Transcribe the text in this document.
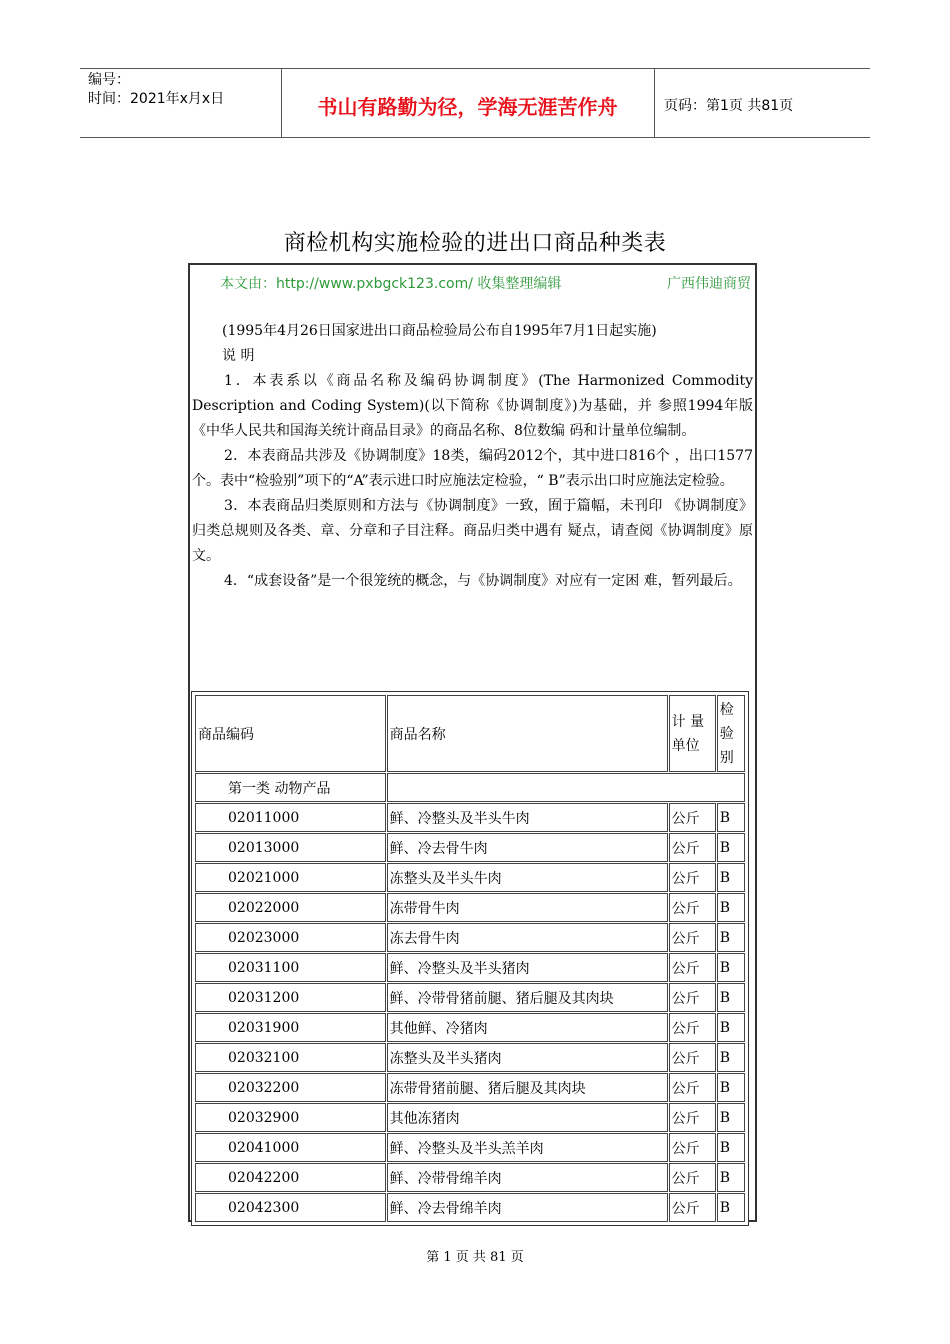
编号：
时间：2021年x月x日	书山有路勤为径，学海无涯苦作舟	页码：第1页 共81页
商检机构实施检验的进出口商品种类表
本文由：http://www.pxbgck123.com/ 收集整理编辑	广西伟迪商贸

(1995年4月26日国家进出口商品检验局公布自1995年7月1日起实施)

说 明

1．本表系以《商品名称及编码协调制度》(The Harmonized Commodity Description and Coding System)(以下简称《协调制度》)为基础，并 参照1994年版《中华人民共和国海关统计商品目录》的商品名称、8位数编 码和计量单位编制。

2．本表商品共涉及《协调制度》18类，编码2012个，其中进口816个 ，出口1577个。表中“检验别”项下的“A”表示进口时应施法定检验，“ B”表示出口时应施法定检验。

3．本表商品归类原则和方法与《协调制度》一致，囿于篇幅，未刊印 《协调制度》归类总规则及各类、章、分章和子目注释。商品归类中遇有 疑点，请查阅《协调制度》原文。

4．“成套设备”是一个很笼统的概念，与《协调制度》对应有一定困 难，暂列最后。

商品编码	商品名称	计 量单位	检验别
第一类 动物产品			
02011000	鲜、冷整头及半头牛肉	公斤	B
02013000	鲜、冷去骨牛肉	公斤	B
02021000	冻整头及半头牛肉	公斤	B
02022000	冻带骨牛肉	公斤	B
02023000	冻去骨牛肉	公斤	B
02031100	鲜、冷整头及半头猪肉	公斤	B
02031200	鲜、冷带骨猪前腿、猪后腿及其肉块	公斤	B
02031900	其他鲜、冷猪肉	公斤	B
02032100	冻整头及半头猪肉	公斤	B
02032200	冻带骨猪前腿、猪后腿及其肉块	公斤	B
02032900	其他冻猪肉	公斤	B
02041000	鲜、冷整头及半头羔羊肉	公斤	B
02042200	鲜、冷带骨绵羊肉	公斤	B
02042300	鲜、冷去骨绵羊肉	公斤	B
第 1 页 共 81 页
